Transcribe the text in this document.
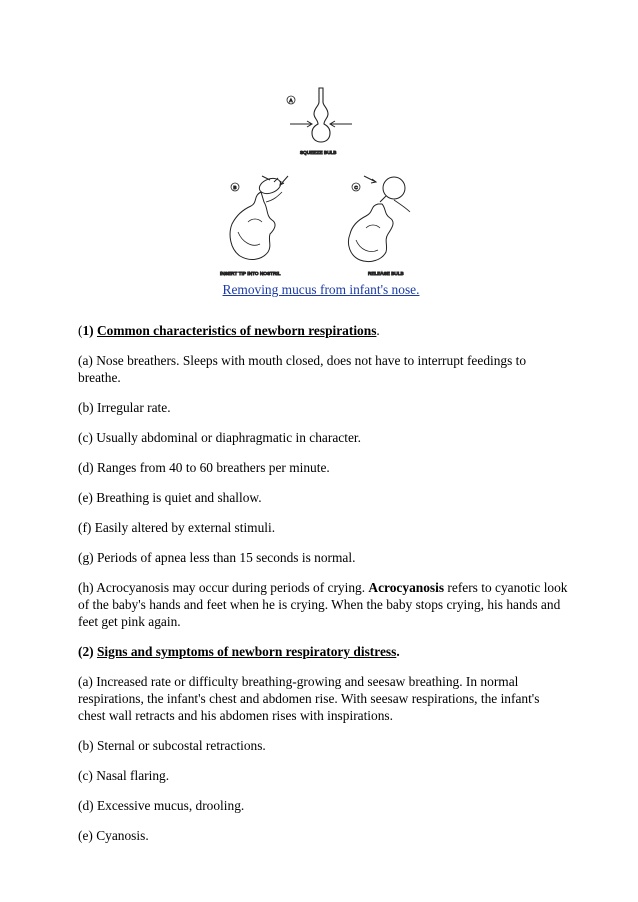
A
SQUEEZE BULB
B
INSERT TIP INTO NOSTRIL
C
RELEASE BULB
Removing mucus from infant's nose.

(1) Common characteristics of newborn respirations.

(a) Nose breathers. Sleeps with mouth closed, does not have to interrupt feedings to breathe.

(b) Irregular rate.

(c) Usually abdominal or diaphragmatic in character.

(d) Ranges from 40 to 60 breathers per minute.

(e) Breathing is quiet and shallow.

(f) Easily altered by external stimuli.

(g) Periods of apnea less than 15 seconds is normal.

(h) Acrocyanosis may occur during periods of crying. Acrocyanosis refers to cyanotic look of the baby's hands and feet when he is crying. When the baby stops crying, his hands and feet get pink again.

(2) Signs and symptoms of newborn respiratory distress.

(a) Increased rate or difficulty breathing-growing and seesaw breathing. In normal respirations, the infant's chest and abdomen rise. With seesaw respirations, the infant's chest wall retracts and his abdomen rises with inspirations.

(b) Sternal or subcostal retractions.

(c) Nasal flaring.

(d) Excessive mucus, drooling.

(e) Cyanosis.
